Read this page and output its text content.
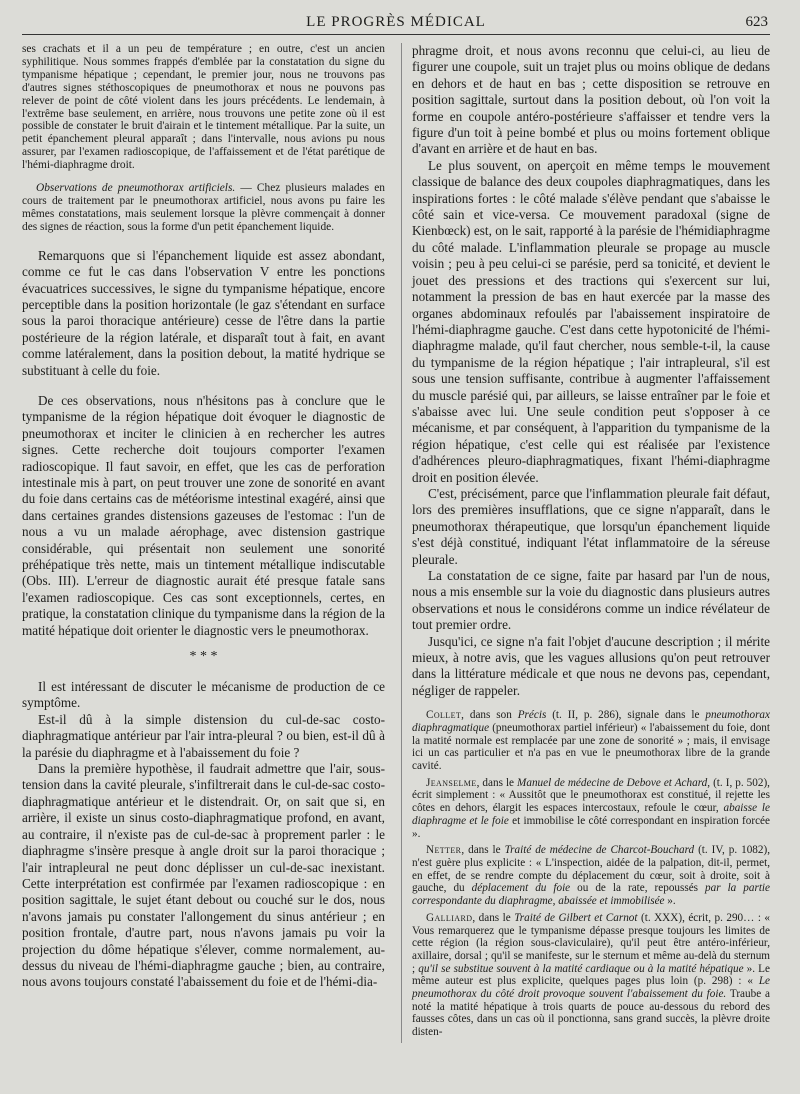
LE PROGRÈS MÉDICAL	623

ses crachats et il a un peu de température ; en outre, c'est un ancien syphilitique. Nous sommes frappés d'emblée par la constatation du signe du tympanisme hépatique ; cependant, le premier jour, nous ne trouvons pas d'autres signes stéthoscopiques de pneumothorax et nous ne pouvons pas relever de point de côté violent dans les jours précédents. Le lendemain, à l'extrême base seulement, en arrière, nous trouvons une petite zone où il est possible de constater le bruit d'airain et le tintement métallique. Par la suite, un petit épanchement pleural apparaît ; dans l'intervalle, nous avions pu nous assurer, par l'examen radioscopique, de l'affaissement et de l'état parétique de l'hémi-diaphragme droit.

Observations de pneumothorax artificiels. — Chez plusieurs malades en cours de traitement par le pneumothorax artificiel, nous avons pu faire les mêmes constatations, mais seulement lorsque la plèvre commençait à donner des signes de réaction, sous la forme d'un petit épanchement liquide.

Remarquons que si l'épanchement liquide est assez abondant, comme ce fut le cas dans l'observation V entre les ponctions évacuatrices successives, le signe du tympanisme hépatique, encore perceptible dans la position horizontale (le gaz s'étendant en surface sous la paroi thoracique antérieure) cesse de l'être dans la partie postérieure de la région latérale, et disparaît tout à fait, en avant comme latéralement, dans la position debout, la matité hydrique se substituant à celle du foie.

De ces observations, nous n'hésitons pas à conclure que le tympanisme de la région hépatique doit évoquer le diagnostic de pneumothorax et inciter le clinicien à en rechercher les autres signes. Cette recherche doit toujours comporter l'examen radioscopique. Il faut savoir, en effet, que les cas de perforation intestinale mis à part, on peut trouver une zone de sonorité en avant du foie dans certains cas de météorisme intestinal exagéré, ainsi que dans certaines grandes distensions gazeuses de l'estomac : l'un de nous a vu un malade aérophage, avec distension gastrique considérable, qui présentait non seulement une sonorité préhépatique très nette, mais un tintement métallique indiscutable (Obs. III). L'erreur de diagnostic aurait été presque fatale sans l'examen radioscopique. Ces cas sont exceptionnels, certes, en pratique, la constatation clinique du tympanisme dans la région de la matité hépatique doit orienter le diagnostic vers le pneumothorax.

* * *

Il est intéressant de discuter le mécanisme de production de ce symptôme.

Est-il dû à la simple distension du cul-de-sac costo-diaphragmatique antérieur par l'air intra-pleural ? ou bien, est-il dû à la parésie du diaphragme et à l'abaissement du foie ?

Dans la première hypothèse, il faudrait admettre que l'air, sous-tension dans la cavité pleurale, s'infiltrerait dans le cul-de-sac costo-diaphragmatique antérieur et le distendrait. Or, on sait que si, en arrière, il existe un sinus costo-diaphragmatique profond, en avant, au contraire, il n'existe pas de cul-de-sac à proprement parler : le diaphragme s'insère presque à angle droit sur la paroi thoracique ; l'air intrapleural ne peut donc déplisser un cul-de-sac inexistant. Cette interprétation est confirmée par l'examen radioscopique : en position sagittale, le sujet étant debout ou couché sur le dos, nous n'avons jamais pu constater l'allongement du sinus antérieur ; en position frontale, d'autre part, nous n'avons jamais pu voir la projection du dôme hépatique s'élever, comme normalement, au-dessus du niveau de l'hémi-diaphragme gauche ; bien, au contraire, nous avons toujours constaté l'abaissement du foie et de l'hémi-dia-

phragme droit, et nous avons reconnu que celui-ci, au lieu de figurer une coupole, suit un trajet plus ou moins oblique de dedans en dehors et de haut en bas ; cette disposition se retrouve en position sagittale, surtout dans la position debout, où l'on voit la forme en coupole antéro-postérieure s'affaisser et tendre vers la figure d'un toit à peine bombé et plus ou moins fortement oblique d'avant en arrière et de haut en bas.

Le plus souvent, on aperçoit en même temps le mouvement classique de balance des deux coupoles diaphragmatiques, dans les inspirations fortes : le côté malade s'élève pendant que s'abaisse le côté sain et vice-versa. Ce mouvement paradoxal (signe de Kienbœck) est, on le sait, rapporté à la parésie de l'hémidiaphragme du côté malade. L'inflammation pleurale se propage au muscle voisin ; peu à peu celui-ci se parésie, perd sa tonicité, et devient le jouet des pressions et des tractions qui s'exercent sur lui, notamment la pression de bas en haut exercée par la masse des organes abdominaux refoulés par l'abaissement inspiratoire de l'hémi-diaphragme gauche. C'est dans cette hypotonicité de l'hémi-diaphragme malade, qu'il faut chercher, nous semble-t-il, la cause du tympanisme de la région hépatique ; l'air intrapleural, s'il est sous une tension suffisante, contribue à augmenter l'affaissement du muscle parésié qui, par ailleurs, se laisse entraîner par le foie et s'abaisse avec lui. Une seule condition peut s'opposer à ce mécanisme, et par conséquent, à l'apparition du tympanisme de la région hépatique, c'est celle qui est réalisée par l'existence d'adhérences pleuro-diaphragmatiques, fixant l'hémi-diaphragme droit en position élevée.

C'est, précisément, parce que l'inflammation pleurale fait défaut, lors des premières insufflations, que ce signe n'apparaît, dans le pneumothorax thérapeutique, que lorsqu'un épanchement liquide s'est déjà constitué, indiquant l'état inflammatoire de la séreuse pleurale.

La constatation de ce signe, faite par hasard par l'un de nous, nous a mis ensemble sur la voie du diagnostic dans plusieurs autres observations et nous le considérons comme un indice révélateur de tout premier ordre.

Jusqu'ici, ce signe n'a fait l'objet d'aucune description ; il mérite mieux, à notre avis, que les vagues allusions qu'on peut retrouver dans la littérature médicale et que nous ne devons pas, cependant, négliger de rappeler.

Collet, dans son Précis (t. II, p. 286), signale dans le pneumothorax diaphragmatique (pneumothorax partiel inférieur) « l'abaissement du foie, dont la matité normale est remplacée par une zone de sonorité » ; mais, il envisage ici un cas particulier et n'a pas en vue le pneumothorax libre de la grande cavité.

Jeanselme, dans le Manuel de médecine de Debove et Achard, (t. I, p. 502), écrit simplement : « Aussitôt que le pneumothorax est constitué, il rejette les côtes en dehors, élargit les espaces intercostaux, refoule le cœur, abaisse le diaphragme et le foie et immobilise le côté correspondant en inspiration forcée ».

Netter, dans le Traité de médecine de Charcot-Bouchard (t. IV, p. 1082), n'est guère plus explicite : « L'inspection, aidée de la palpation, dit-il, permet, en effet, de se rendre compte du déplacement du cœur, soit à droite, soit à gauche, du déplacement du foie ou de la rate, repoussés par la partie correspondante du diaphragme, abaissée et immobilisée ».

Galliard, dans le Traité de Gilbert et Carnot (t. XXX), écrit, p. 290… : « Vous remarquerez que le tympanisme dépasse presque toujours les limites de cette région (la région sous-claviculaire), qu'il peut être antéro-inférieur, axillaire, dorsal ; qu'il se manifeste, sur le sternum et même au-delà du sternum ; qu'il se substitue souvent à la matité cardiaque ou à la matité hépatique ». Le même auteur est plus explicite, quelques pages plus loin (p. 298) : « Le pneumothorax du côté droit provoque souvent l'abaissement du foie. Traube a noté la matité hépatique à trois quarts de pouce au-dessous du rebord des fausses côtes, dans un cas où il ponctionna, sans grand succès, la plèvre droite disten-
